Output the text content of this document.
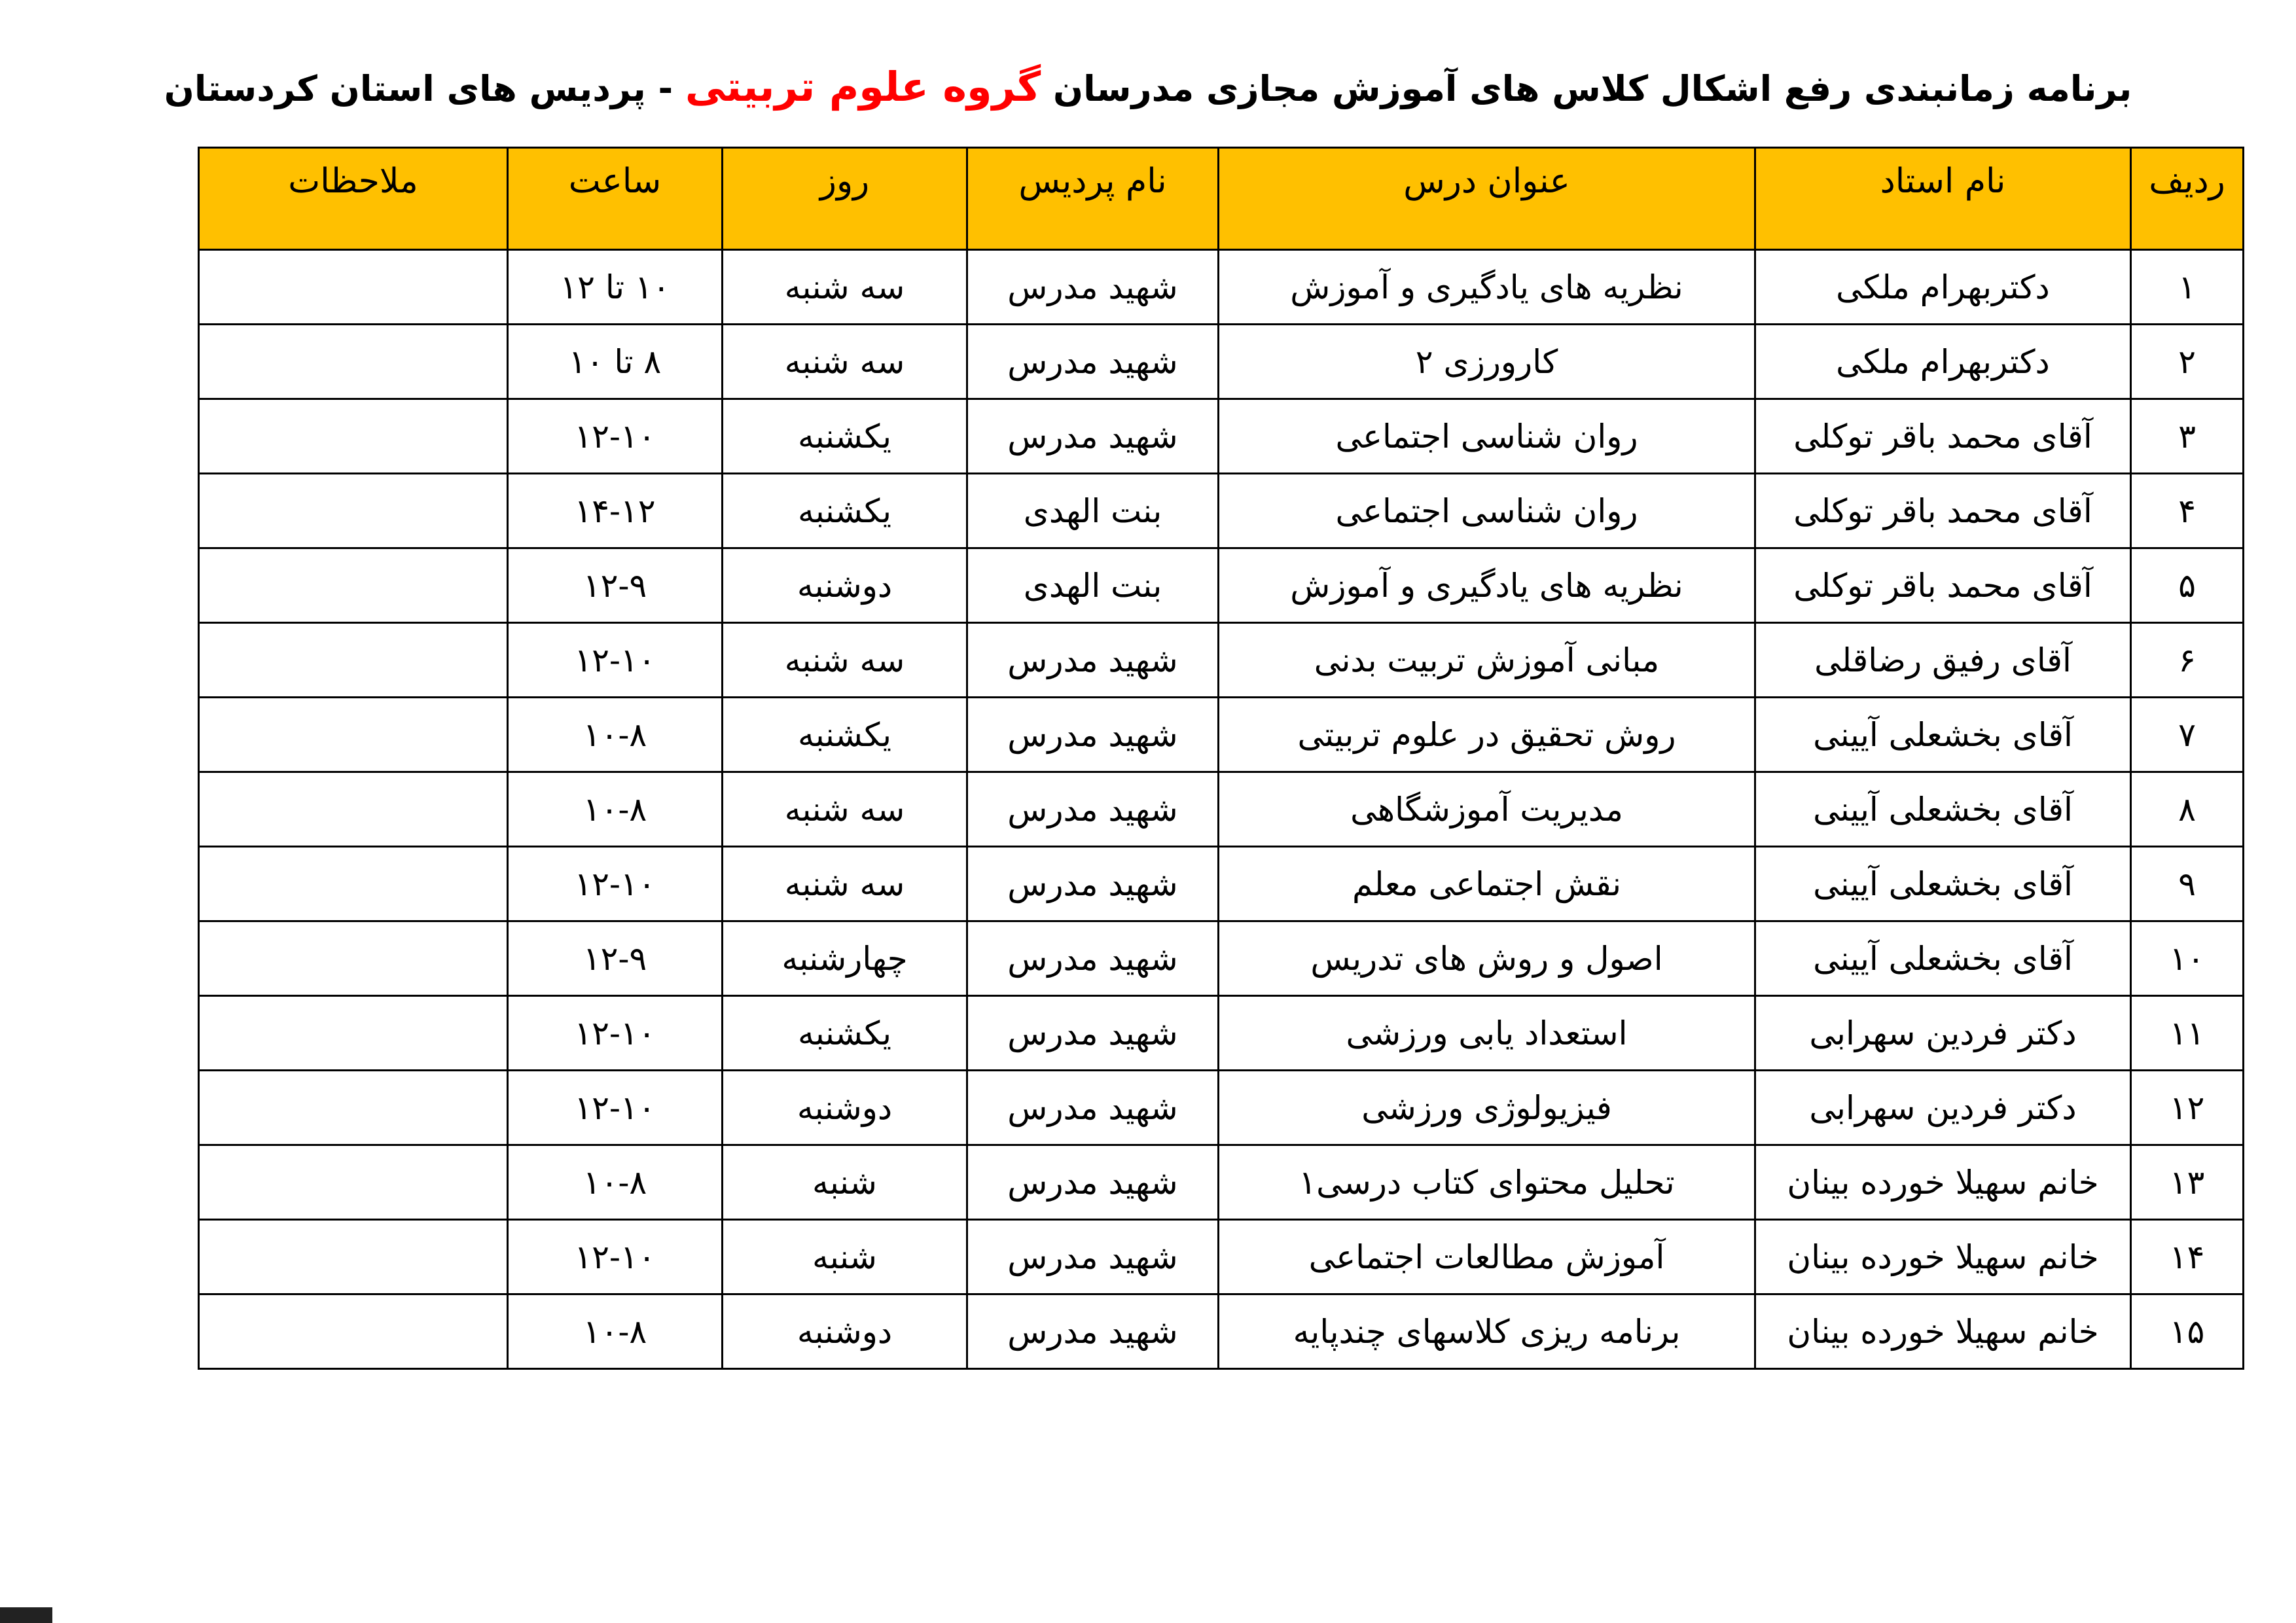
برنامه زمانبندی رفع اشکال کلاس های آموزش مجازی مدرسان گروه علوم تربیتی - پردیس های استان کردستان
ردیف	نام استاد	عنوان درس	نام پردیس	روز	ساعت	ملاحظات
۱	دکتربهرام ملکی	نظریه های یادگیری و آموزش	شهید مدرس	سه شنبه	۱۰ تا ۱۲	
۲	دکتربهرام ملکی	کارورزی ۲	شهید مدرس	سه شنبه	۸ تا ۱۰	
۳	آقای محمد باقر توکلی	روان شناسی اجتماعی	شهید مدرس	یکشنبه	۱۲-۱۰	
۴	آقای محمد باقر توکلی	روان شناسی اجتماعی	بنت الهدی	یکشنبه	۱۴-۱۲	
۵	آقای محمد باقر توکلی	نظریه های یادگیری و آموزش	بنت الهدی	دوشنبه	۱۲-۹	
۶	آقای رفیق رضاقلی	مبانی آموزش تربیت بدنی	شهید مدرس	سه شنبه	۱۲-۱۰	
۷	آقای بخشعلی آیینی	روش تحقیق در علوم تربیتی	شهید مدرس	یکشنبه	۱۰-۸	
۸	آقای بخشعلی آیینی	مدیریت آموزشگاهی	شهید مدرس	سه شنبه	۱۰-۸	
۹	آقای بخشعلی آیینی	نقش اجتماعی معلم	شهید مدرس	سه شنبه	۱۲-۱۰	
۱۰	آقای بخشعلی آیینی	اصول و روش های تدریس	شهید مدرس	چهارشنبه	۱۲-۹	
۱۱	دکتر فردین سهرابی	استعداد یابی ورزشی	شهید مدرس	یکشنبه	۱۲-۱۰	
۱۲	دکتر فردین سهرابی	فیزیولوژی ورزشی	شهید مدرس	دوشنبه	۱۲-۱۰	
۱۳	خانم سهیلا خورده بینان	تحلیل محتوای کتاب درسی۱	شهید مدرس	شنبه	۱۰-۸	
۱۴	خانم سهیلا خورده بینان	آموزش مطالعات اجتماعی	شهید مدرس	شنبه	۱۲-۱۰	
۱۵	خانم سهیلا خورده بینان	برنامه ریزی کلاسهای چندپایه	شهید مدرس	دوشنبه	۱۰-۸	
